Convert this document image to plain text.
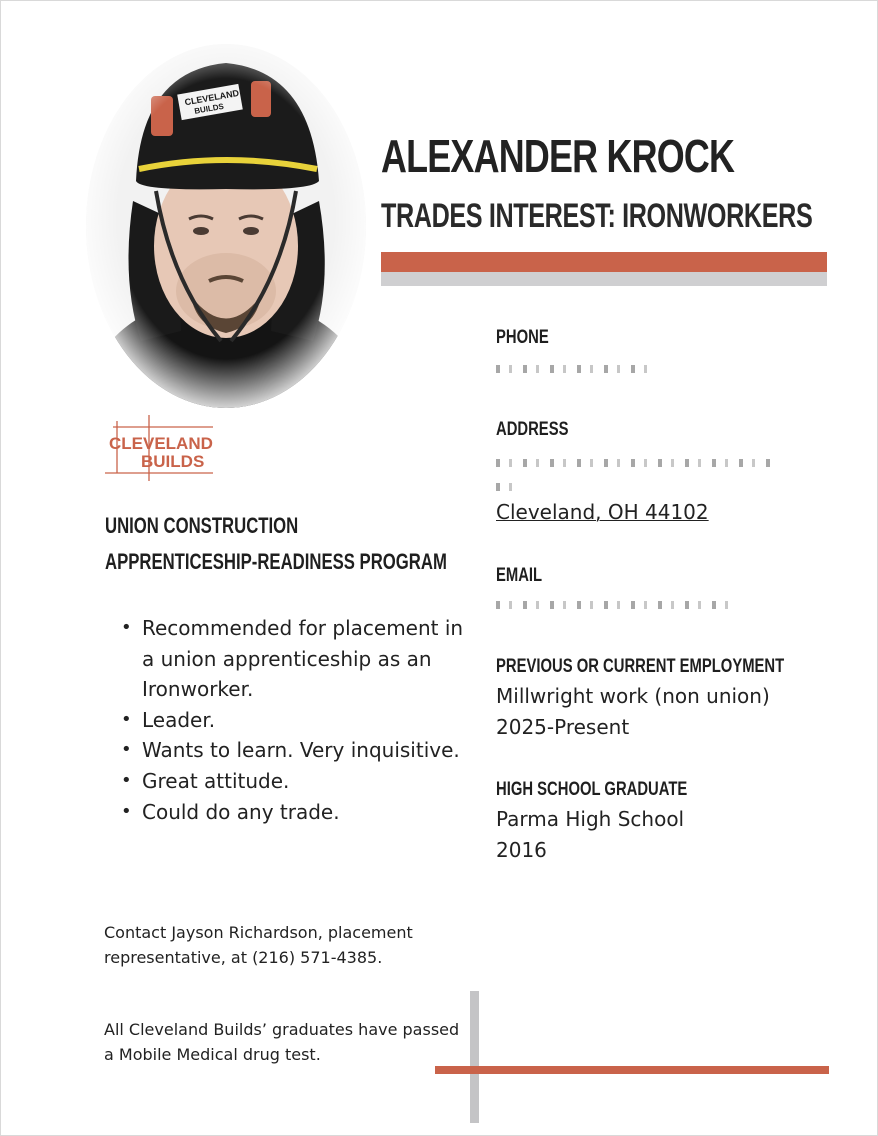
ALEXANDER KROCK
TRADES INTEREST: IRONWORKERS
CLEVELAND
BUILDS
UNION CONSTRUCTION
APPRENTICESHIP-READINESS PROGRAM
• Recommended for placement in a union apprenticeship as an Ironworker.
• Leader.
• Wants to learn. Very inquisitive.
• Great attitude.
• Could do any trade.
Contact Jayson Richardson, placement representative, at (216) 571-4385.
All Cleveland Builds’ graduates have passed a Mobile Medical drug test.
PHONE
ADDRESS
Cleveland, OH 44102
EMAIL
PREVIOUS OR CURRENT EMPLOYMENT
Millwright work (non union)
2025-Present
HIGH SCHOOL GRADUATE
Parma High School
2016
